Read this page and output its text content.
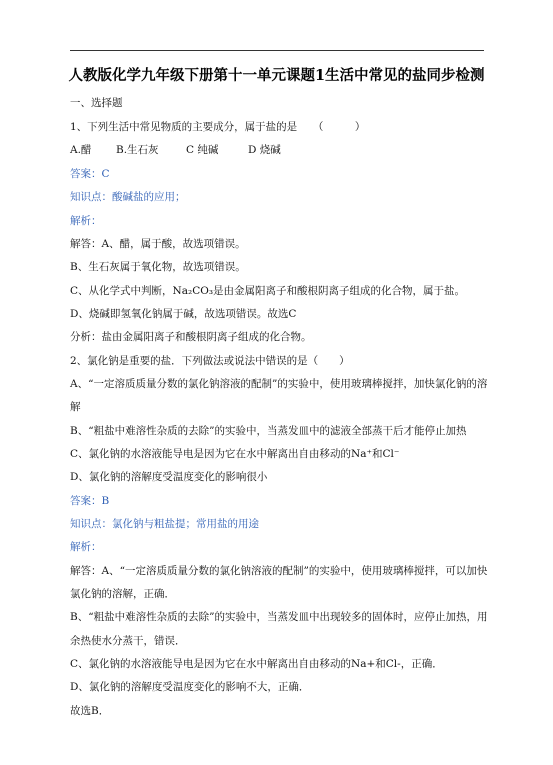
人教版化学九年级下册第十一单元课题1生活中常见的盐同步检测
一、选择题
1、下列生活中常见物质的主要成分，属于盐的是　　（　　　）
A.醋 B.生石灰	C 纯碱	D 烧碱
答案：C
知识点：酸碱盐的应用；
解析：
解答：A、醋，属于酸，故选项错误。
B、生石灰属于氧化物，故选项错误。
C、从化学式中判断，Na₂CO₃是由金属阳离子和酸根阴离子组成的化合物，属于盐。
D、烧碱即氢氧化钠属于碱，故选项错误。故选C
分析：盐由金属阳离子和酸根阴离子组成的化合物。
2、氯化钠是重要的盐．下列做法或说法中错误的是（　　）
A、“一定溶质质量分数的氯化钠溶液的配制”的实验中，使用玻璃棒搅拌，加快氯化钠的溶
解
B、“粗盐中难溶性杂质的去除”的实验中，当蒸发皿中的滤液全部蒸干后才能停止加热
C、氯化钠的水溶液能导电是因为它在水中解离出自由移动的Na⁺和Cl⁻
D、氯化钠的溶解度受温度变化的影响很小
答案：B
知识点：氯化钠与粗盐提；常用盐的用途
解析：
解答：A、“一定溶质质量分数的氯化钠溶液的配制”的实验中，使用玻璃棒搅拌，可以加快
氯化钠的溶解，正确．
B、“粗盐中难溶性杂质的去除”的实验中，当蒸发皿中出现较多的固体时，应停止加热，用
余热使水分蒸干，错误．
C、氯化钠的水溶液能导电是因为它在水中解离出自由移动的Na+和Cl-，正确．
D、氯化钠的溶解度受温度变化的影响不大，正确．
故选B．
